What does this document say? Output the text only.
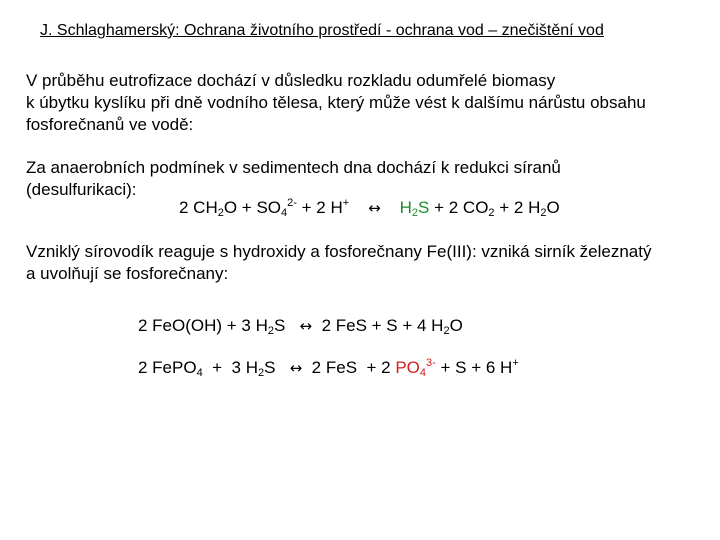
J. Schlaghamerský: Ochrana životního prostředí - ochrana vod – znečištění vod

V průběhu eutrofizace dochází v důsledku rozkladu odumřelé biomasy
k úbytku kyslíku při dně vodního tělesa, který může vést k dalšímu nárůstu obsahu
fosforečnanů ve vodě:

Za anaerobních podmínek v sedimentech dna dochází k redukci síranů
(desulfurikaci):

2 $CH_2O + SO_4^{2-} + 2$ H+ ↔ $H_2S + 2$ $CO_2 + 2$ $H_2O$

Vzniklý sírovodík reaguje s hydroxidy a fosforečnany Fe(III): vzniká sirník železnatý
a uvolňují se fosforečnany:

2 FeO(OH) + 3 $H_2S$ ↔ 2 FeS + S + 4 $H_2O$
2 FePO$_4$  +  3 $H_2S$ ↔ 2 FeS  + 2 $PO_4^{3-} + S + 6$ H+
